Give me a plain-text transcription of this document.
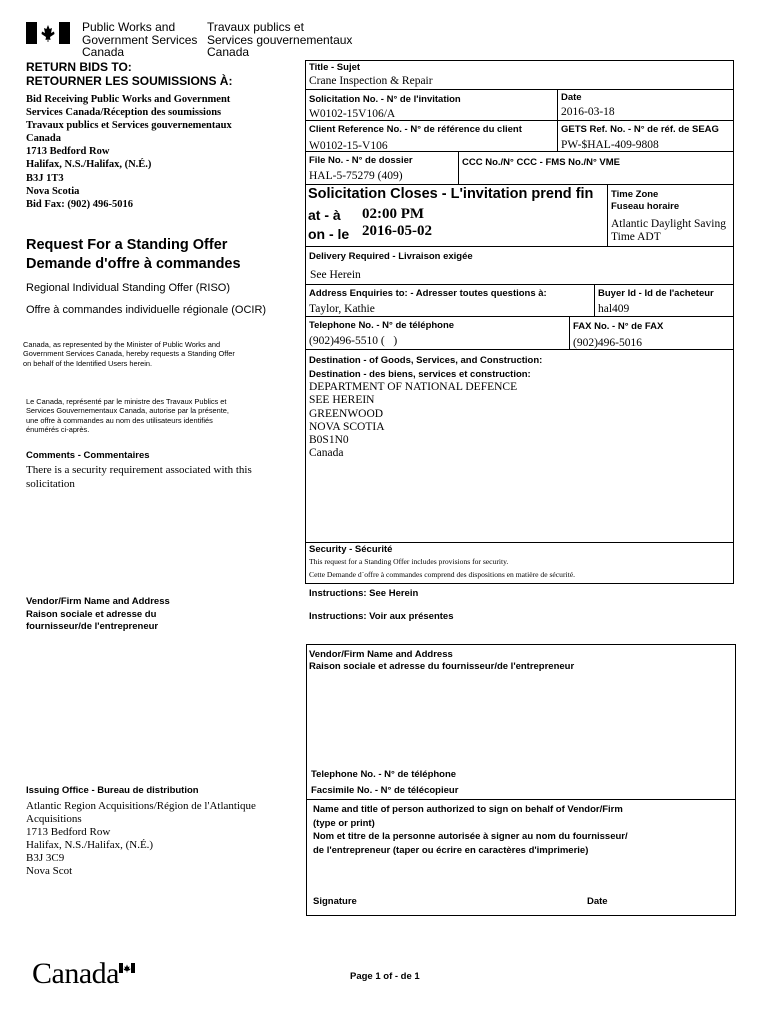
Public Works and
Government Services
Canada
Travaux publics et
Services gouvernementaux
Canada
RETURN BIDS TO:
RETOURNER LES SOUMISSIONS À:
Bid Receiving Public Works and Government
Services Canada/Réception des soumissions
Travaux publics et Services gouvernementaux
Canada
1713 Bedford Row
Halifax, N.S./Halifax, (N.É.)
B3J 1T3
Nova Scotia
Bid Fax: (902) 496-5016
Request For a Standing Offer
Demande d'offre à commandes
Regional Individual Standing Offer (RISO)
Offre à commandes individuelle régionale (OCIR)
Canada, as represented by the Minister of Public Works and
Government Services Canada, hereby requests a Standing Offer
on behalf of the Identified Users herein.
Le Canada, représenté par le ministre des Travaux Publics et
Services Gouvernementaux Canada, autorise par la présente,
une offre à commandes au nom des utilisateurs identifiés
énumérés ci-après.
Comments - Commentaires
There is a security requirement associated with this
solicitation
Vendor/Firm Name and Address
Raison sociale et adresse du
fournisseur/de l'entrepreneur
Issuing Office - Bureau de distribution
Atlantic Region Acquisitions/Région de l'Atlantique
Acquisitions
1713 Bedford Row
Halifax, N.S./Halifax, (N.É.)
B3J 3C9
Nova Scot
Title - Sujet
Crane Inspection & Repair
Solicitation No. - N° de l'invitation
W0102-15V106/A
Date
2016-03-18
Client Reference No. - N° de référence du client
W0102-15-V106
GETS Ref. No. - N° de réf. de SEAG
PW-$HAL-409-9808
File No. - N° de dossier
HAL-5-75279 (409)
CCC No./N° CCC - FMS No./N° VME
Solicitation Closes - L'invitation prend fin
at - à 02:00 PM
on - le 2016-05-02
Time Zone
Fuseau horaire
Atlantic Daylight Saving
Time ADT
Delivery Required - Livraison exigée
See Herein
Address Enquiries to: - Adresser toutes questions à:
Taylor, Kathie
Buyer Id - Id de l'acheteur
hal409
Telephone No. - N° de téléphone
(902)496-5510 (   )
FAX No. - N° de FAX
(902)496-5016
Destination - of Goods, Services, and Construction:
Destination - des biens, services et construction:
DEPARTMENT OF NATIONAL DEFENCE
SEE HEREIN
GREENWOOD
NOVA SCOTIA
B0S1N0
Canada
Security - Sécurité
This request for a Standing Offer includes provisions for security.
Cette Demande d`offre à commandes comprend des dispositions en matière de sécurité.
Instructions: See Herein
Instructions: Voir aux présentes
Vendor/Firm Name and Address
Raison sociale et adresse du fournisseur/de l'entrepreneur
Telephone No. - N° de téléphone
Facsimile No. - N° de télécopieur
Name and title of person authorized to sign on behalf of Vendor/Firm
(type or print)
Nom et titre de la personne autorisée à signer au nom du fournisseur/
de l'entrepreneur (taper ou écrire en caractères d'imprimerie)
Signature	Date
Canada	Page 1 of - de 1
